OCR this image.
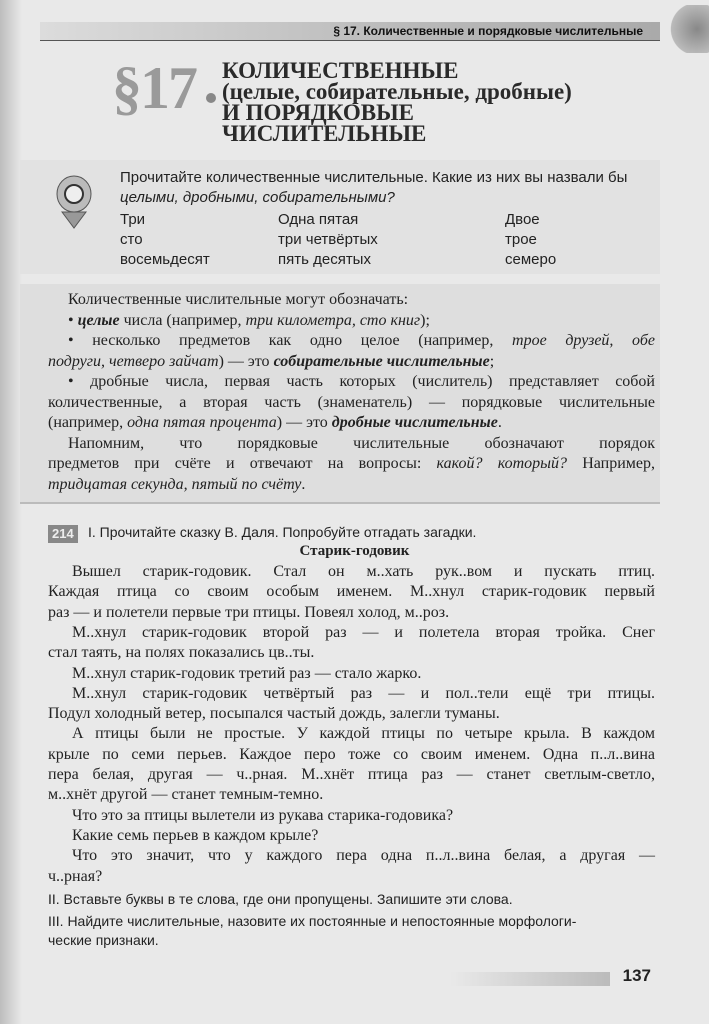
§ 17. Количественные и порядковые числительные
§17 КОЛИЧЕСТВЕННЫЕ
(целые, собирательные, дробные)
И ПОРЯДКОВЫЕ
ЧИСЛИТЕЛЬНЫЕ
Прочитайте количественные числительные. Какие из них вы назвали бы
целыми, дробными, собирательными?
Три
сто
восемьдесят
Одна пятая
три четвёртых
пять десятых
Двое
трое
семеро
Количественные числительные могут обозначать:
• целые числа (например, три километра, сто книг);
• несколько предметов как одно целое (например, трое друзей, обе
подруги, четверо зайчат) — это собирательные числительные;
• дробные числа, первая часть которых (числитель) представляет собой
количественные, а вторая часть (знаменатель) — порядковые числительные
(например, одна пятая процента) — это дробные числительные.
Напомним, что порядковые числительные обозначают порядок
предметов при счёте и отвечают на вопросы: какой? который? Например,
тридцатая секунда, пятый по счёту.
214 I. Прочитайте сказку В. Даля. Попробуйте отгадать загадки.
Старик-годовик
Вышел старик-годовик. Стал он м..хать рук..вом и пускать птиц.
Каждая птица со своим особым именем. М..хнул старик-годовик первый
раз — и полетели первые три птицы. Повеял холод, м..роз.
М..хнул старик-годовик второй раз — и полетела вторая тройка. Снег
стал таять, на полях показались цв..ты.
М..хнул старик-годовик третий раз — стало жарко.
М..хнул старик-годовик четвёртый раз — и пол..тели ещё три птицы.
Подул холодный ветер, посыпался частый дождь, залегли туманы.
А птицы были не простые. У каждой птицы по четыре крыла. В каждом
крыле по семи перьев. Каждое перо тоже со своим именем. Одна п..л..вина
пера белая, другая — ч..рная. М..хнёт птица раз — станет светлым-светло,
м..хнёт другой — станет темным-темно.
Что это за птицы вылетели из рукава старика-годовика?
Какие семь перьев в каждом крыле?
Что это значит, что у каждого пера одна п..л..вина белая, а другая —
ч..рная?
II. Вставьте буквы в те слова, где они пропущены. Запишите эти слова.
III. Найдите числительные, назовите их постоянные и непостоянные морфологи-
ческие признаки.
137
